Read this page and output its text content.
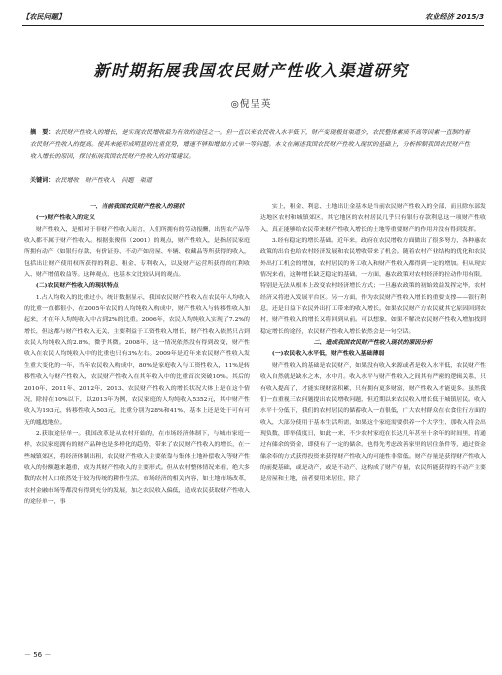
【农民问题】	农业经济 2015/3
新时期拓展我国农民财产性收入渠道研究
◎倪呈英
摘　要：农民财产性收入的增长，是实现农民增收最为有效的途径之一。但一直以来农民收入水平低下，财产变现极贫渠道少，农民整体素质不高等因素一直制约着农民财产性收入的提高。使其未能形成明显的比重优势，增速不够和增加方式单一等问题。本文在阐述我国农民财产性收入现状的基础上，分析抑制我国农民财产性收入增长的原因，探讨拓展我国农民财产性收入的对策建议。
关键词：农民增收　财产性收入　问题　渠道

一、当前我国农民财产性收入的现状

(一)财产性收入的定义

财产性收入，是相对于非财产性收入而言，人们所拥有的劳动报酬，出售农产品等收入都不属于财产性收入。根据张俊伟（2001）的观点，财产性收入，是指居民家庭所拥有动产（如银行存款、有价证券、不动产如房屋、车辆、收藏品等所获得的收入，包括出让财产使用权所获得的利息、租金、专利收入，以及财产运营所获得的红利收入、财产增值收益等。这种观点，也基本文比较认同的观点。

(二)农民财产性收入的现状特点

1.占人均收入的比重过小。统计数据显示，我国农民财产性收入在农民年人均收入的比重一直都很小，在2005年农民的人均纯收入构成中，财产性收入与转移性收入加起来，才在年人均纯收入中占到2%的比重。2006年，农民人均纯收入实现了7.2%的增长，但这都与财产性收入无关，主要利益于工资性收入增长，财产性收入依然只占到农民人均纯收入的2.8%，微乎其微。2008年，这一情况依然没有得到改变，财产性收入在农民人均纯收入中的比重也只有3%左右。2009年是近年来农民财产性收入发生重大变化的一年，当年农民收入构成中，80%是家庭收入与工资性收入，11%是转移性收入与财产性收入，农民财产性收入在其年收入中的比重首次突破10%。其后的2010年、2011年、2012年、2013、农民财产性收入的增长状况大体上是在这个情况，除持在10%以下，以2013年为例，农民家庭的人均纯收入5352元，其中财产性收入为193元，转移性收入503元，比重分别为28%和41%，基本上还是处于可有可无的尴尬地位。

2.获取途径单一。我国改革是从农村开始的，在市场经济体制下，与城市家庭一样，农民家庭拥有的财产品种也是多样化的趋势，带来了农民财产性收入的增长，在一些城镇郊区，将经济体制出租，农民财产性收入主要依靠与集体土地补偿收入等财产性收入的份额越来越重，成为其财产性收入的主要形式。但从农村整体情况来看，绝大多数的农村人口依然处于较为传统的耕作生活，市场经济的相关内容，如土地市场改革，农村金融市场等都没有得到充分的发展，加之农民收入偏低，造成农民获取财产性收入的途径单一，事

实上，租金、利息、土地出让金基本是当前农民财产性收入的全部，而且除东部发达地区农村和城镇郊区，其它地区的农村居民几乎只有银行存款利息这一项财产性收入，真正能够给农民带来财产性收入增长的土地等重要财产的作用并没有得到发挥。

3.经有稳定的增长基础。近年来，政府在农民增收方面做出了很多努力，各种惠农政策的出台也给农村经济发展和农民增收带来了机会。随着农村产业结构的优化和农民外出打工机会的增加，农村居民的务工收入和财产性收入都得到一定的增加。但从现实情况来看，这种增长缺乏稳定的基础，一方面，惠农政策对农村经济的拉动作用有限，特别是无法从根本上改变农村经济增长方式；一旦惠农政策的初始效益发挥完毕，农村经济又将进入发展平台区。另一方面，作为农民财产性收入增长的重要支撑——银行利息，还是日益下农民外出打工带来的收入增长。如果农民财产方农民就其它原因回到农村，财产性收入的增长又将回到从前。可以想象，如果不解决农民财产性收入增加找到稳定增长的途径，农民财产性收入增长依然会是一句空话。

二、造成我国农民财产性收入现状的原因分析

(一)农民收入水平低，财产性收入基础薄弱

财产性收入的基础是农民财产，如果没有收入来源或者是收入水平低，农民财产性收入自然就是缺水之木，水中月。收入水平与财产性收入之间其有严密的逻辑关系，只有收入提高了，才能实现财富积累，只有拥有更多财富，财产性收入才能更多。虽然我们一直重视三农问题提出农民增收问题，但近期以来农民收入增长低于城镇居民。收入水平十分低下，我们的农村居民的储蓄收入一直很低，广大农村群众在衣食住行方面的收入，大部分使用于基本生活所需，如果这个家庭需要供养一个大学生，那收入将会出现负数，即举债度日，如此一来，不少农村家庭在长达几年甚至十余年的时间里，将通过有储余的资金，即使有了一定的储余，也得先考虑改善家里的居住条件等，通过资金储余奉的方式获得投资来获得财产性收入的可能性非常低。财产存量是获得财产性收入的前提基础，或是动产，或是不动产，这构成了财产存量，农民所能获得的不动产主要是房屋和土地，前者要用来居住，除了

－ 56 －
